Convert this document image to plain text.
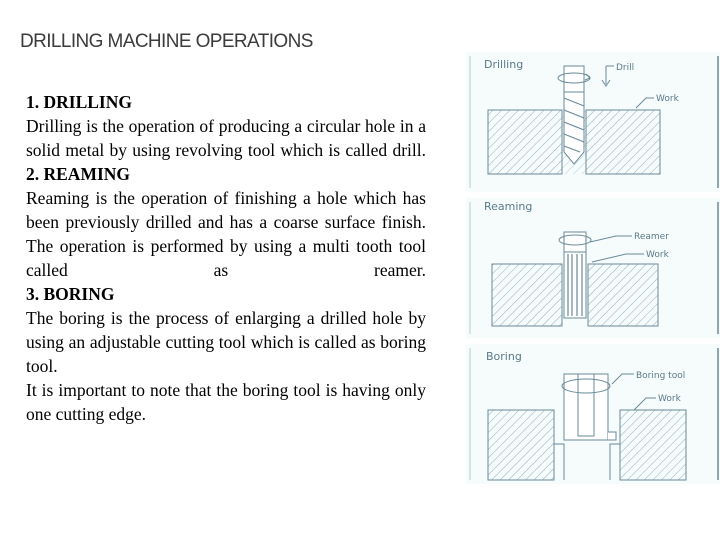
DRILLING MACHINE OPERATIONS
1. DRILLING

Drilling is the operation of producing a circular hole in a solid metal by using revolving tool which is called drill.

2. REAMING

Reaming is the operation of finishing a hole which has been previously drilled and has a coarse surface finish.

The operation is performed by using a multi tooth tool called as reamer.

3. BORING

The boring is the process of enlarging a drilled hole by using an adjustable cutting tool which is called as boring tool.

It is important to note that the boring tool is having only one cutting edge.

Drilling	Drill
Work
Reaming
Reamer
Work
Boring
Boring tool
Work
